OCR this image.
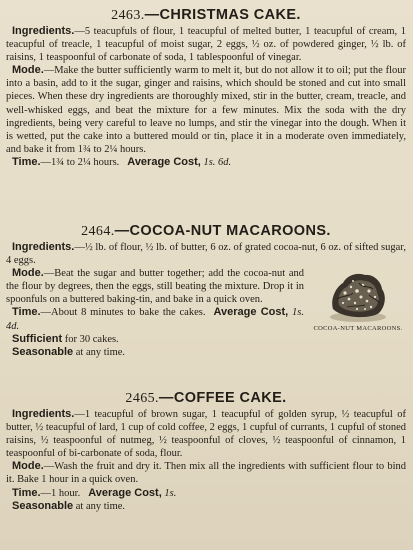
2463.—CHRISTMAS CAKE.

Ingredients.—5 teacupfuls of flour, 1 teacupful of melted butter, 1 teacupful of cream, 1 teacupful of treacle, 1 teacupful of moist sugar, 2 eggs, ½ oz. of powdered ginger, ½ lb. of raisins, 1 teaspoonful of carbonate of soda, 1 tablespoonful of vinegar.

Mode.—Make the butter sufficiently warm to melt it, but do not allow it to oil; put the flour into a basin, add to it the sugar, ginger and raisins, which should be stoned and cut into small pieces. When these dry ingredients are thoroughly mixed, stir in the butter, cream, treacle, and well-whisked eggs, and beat the mixture for a few minutes. Mix the soda with the dry ingredients, being very careful to leave no lumps, and stir the vinegar into the dough. When it is wetted, put the cake into a buttered mould or tin, place it in a moderate oven immediately, and bake it from 1¾ to 2¼ hours.

Time.—1¾ to 2¼ hours. Average Cost, 1s. 6d.

2464.—COCOA-NUT MACAROONS.

Ingredients.—½ lb. of flour, ½ lb. of butter, 6 oz. of grated cocoa-nut, 6 oz. of sifted sugar, 4 eggs.

COCOA-NUT MACAROONS.

Mode.—Beat the sugar and butter together; add the cocoa-nut and the flour by degrees, then the eggs, still beating the mixture. Drop it in spoonfuls on a buttered baking-tin, and bake in a quick oven.

Time.—About 8 minutes to bake the cakes. Average Cost, 1s. 4d.

Sufficient for 30 cakes.

Seasonable at any time.

2465.—COFFEE CAKE.

Ingredients.—1 teacupful of brown sugar, 1 teacupful of golden syrup, ½ teacupful of butter, ½ teacupful of lard, 1 cup of cold coffee, 2 eggs, 1 cupful of currants, 1 cupful of stoned raisins, ½ teaspoonful of nutmeg, ½ teaspoonful of cloves, ½ teaspoonful of cinnamon, 1 teaspoonful of bi-carbonate of soda, flour.

Mode.—Wash the fruit and dry it. Then mix all the ingredients with sufficient flour to bind it. Bake 1 hour in a quick oven.

Time.—1 hour. Average Cost, 1s.

Seasonable at any time.
